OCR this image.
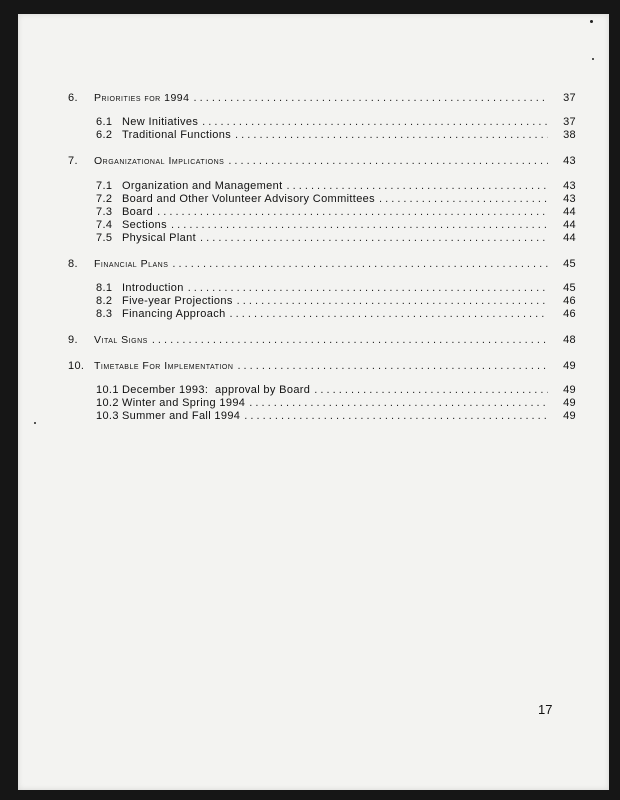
6.	Priorities for 1994 . . .	37
6.1 New Initiatives . . .	37
6.2 Traditional Functions . . .	38
7.	Organizational Implications . . .	43
7.1 Organization and Management . . .	43
7.2 Board and Other Volunteer Advisory Committees . . .	43
7.3 Board . . .	44
7.4 Sections . . .	44
7.5 Physical Plant . . .	44
8.	Financial Plans . . .	45
8.1 Introduction . . .	45
8.2 Five-year Projections . . .	46
8.3 Financing Approach . . .	46
9.	Vital Signs . . .	48
10. Timetable For Implementation . . .	49
10.1 December 1993:  approval by Board . . .	49
10.2 Winter and Spring 1994 . . .	49
10.3 Summer and Fall 1994 . . .	49
17
